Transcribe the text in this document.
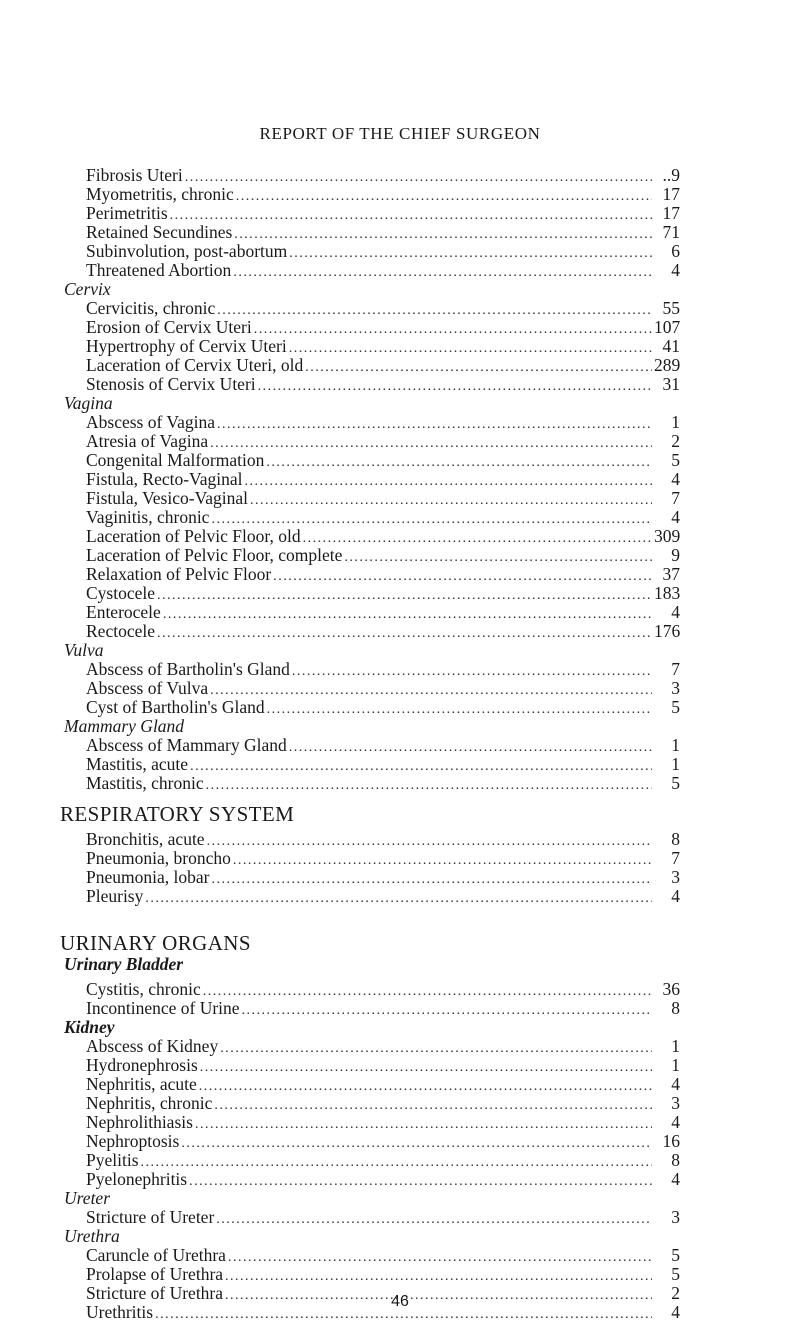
REPORT OF THE CHIEF SURGEON
Fibrosis Uteri .....	..9
Myometritis, chronic .....	17
Perimetritis .....	17
Retained Secundines .....	71
Subinvolution, post-abortum .....	6
Threatened Abortion .....	4
Cervix
Cervicitis, chronic .....	55
Erosion of Cervix Uteri .....	107
Hypertrophy of Cervix Uteri .....	41
Laceration of Cervix Uteri, old .....	289
Stenosis of Cervix Uteri .....	31
Vagina
Abscess of Vagina .....	1
Atresia of Vagina .....	2
Congenital Malformation .....	5
Fistula, Recto-Vaginal .....	4
Fistula, Vesico-Vaginal .....	7
Vaginitis, chronic .....	4
Laceration of Pelvic Floor, old .....	309
Laceration of Pelvic Floor, complete .....	9
Relaxation of Pelvic Floor .....	37
Cystocele .....	183
Enterocele .....	4
Rectocele .....	176
Vulva
Abscess of Bartholin's Gland .....	7
Abscess of Vulva .....	3
Cyst of Bartholin's Gland .....	5
Mammary Gland
Abscess of Mammary Gland .....	1
Mastitis, acute .....	1
Mastitis, chronic .....	5
RESPIRATORY SYSTEM
Bronchitis, acute .....	8
Pneumonia, broncho .....	7
Pneumonia, lobar .....	3
Pleurisy .....	4
URINARY ORGANS
Urinary Bladder
Cystitis, chronic .....	36
Incontinence of Urine .....	8
Kidney
Abscess of Kidney .....	1
Hydronephrosis .....	1
Nephritis, acute .....	4
Nephritis, chronic .....	3
Nephrolithiasis .....	4
Nephroptosis .....	16
Pyelitis .....	8
Pyelonephritis .....	4
Ureter
Stricture of Ureter .....	3
Urethra
Caruncle of Urethra .....	5
Prolapse of Urethra .....	5
Stricture of Urethra .....	2
Urethritis .....	4
46
